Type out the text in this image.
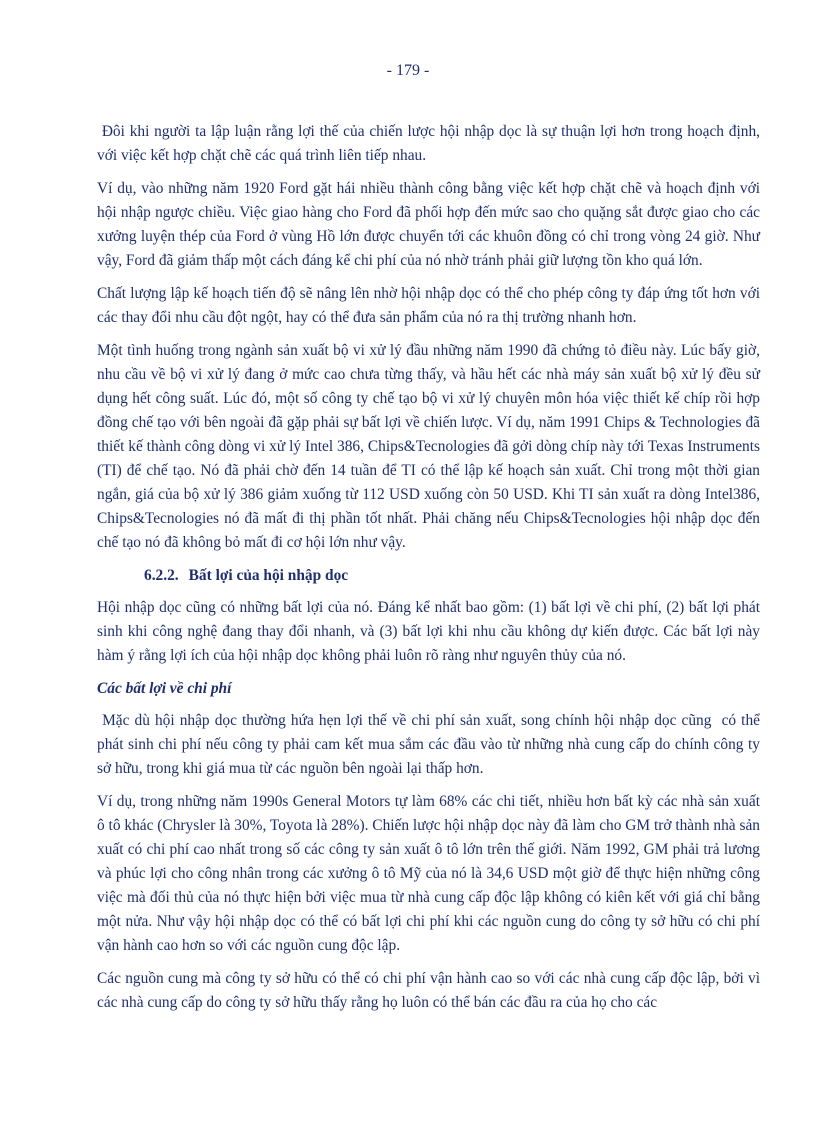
- 179 -

Đôi khi người ta lập luận rằng lợi thế của chiến lược hội nhập dọc là sự thuận lợi hơn trong hoạch định, với việc kết hợp chặt chẽ các quá trình liên tiếp nhau.

Ví dụ, vào những năm 1920 Ford gặt hái nhiều thành công bằng việc kết hợp chặt chẽ và hoạch định với hội nhập ngược chiều. Việc giao hàng cho Ford đã phối hợp đến mức sao cho quặng sắt được giao cho các xưởng luyện thép của Ford ở vùng Hồ lớn được chuyển tới các khuôn đồng có chỉ trong vòng 24 giờ. Như vậy, Ford đã giảm thấp một cách đáng kể chi phí của nó nhờ tránh phải giữ lượng tồn kho quá lớn.

Chất lượng lập kế hoạch tiến độ sẽ nâng lên nhờ hội nhập dọc có thể cho phép công ty đáp ứng tốt hơn với các thay đổi nhu cầu đột ngột, hay có thể đưa sản phẩm của nó ra thị trường nhanh hơn.

Một tình huống trong ngành sản xuất bộ vi xử lý đầu những năm 1990 đã chứng tỏ điều này. Lúc bấy giờ, nhu cầu về bộ vi xử lý đang ở mức cao chưa từng thấy, và hầu hết các nhà máy sản xuất bộ xử lý đều sử dụng hết công suất. Lúc đó, một số công ty chế tạo bộ vi xử lý chuyên môn hóa việc thiết kế chíp rồi hợp đồng chế tạo với bên ngoài đã gặp phải sự bất lợi về chiến lược. Ví dụ, năm 1991 Chips & Technologies đã thiết kế thành công dòng vi xử lý Intel 386, Chips&Tecnologies đã gởi dòng chíp này tới Texas Instruments (TI) để chế tạo. Nó đã phải chờ đến 14 tuần để TI có thể lập kế hoạch sản xuất. Chỉ trong một thời gian ngắn, giá của bộ xử lý 386 giảm xuống từ 112 USD xuống còn 50 USD. Khi TI sản xuất ra dòng Intel386, Chips&Tecnologies nó đã mất đi thị phần tốt nhất. Phải chăng nếu Chips&Tecnologies hội nhập dọc đến chế tạo nó đã không bỏ mất đi cơ hội lớn như vậy.

6.2.2. Bất lợi của hội nhập dọc

Hội nhập dọc cũng có những bất lợi của nó. Đáng kể nhất bao gồm: (1) bất lợi về chi phí, (2) bất lợi phát sinh khi công nghệ đang thay đổi nhanh, và (3) bất lợi khi nhu cầu không dự kiến được. Các bất lợi này hàm ý rằng lợi ích của hội nhập dọc không phải luôn rõ ràng như nguyên thủy của nó.

Các bất lợi về chi phí

Mặc dù hội nhập dọc thường hứa hẹn lợi thế về chi phí sản xuất, song chính hội nhập dọc cũng  có thể phát sinh chi phí nếu công ty phải cam kết mua sắm các đầu vào từ những nhà cung cấp do chính công ty sở hữu, trong khi giá mua từ các nguồn bên ngoài lại thấp hơn.

Ví dụ, trong những năm 1990s General Motors tự làm 68% các chi tiết, nhiều hơn bất kỳ các nhà sản xuất ô tô khác (Chrysler là 30%, Toyota là 28%). Chiến lược hội nhập dọc này đã làm cho GM trở thành nhà sản xuất có chi phí cao nhất trong số các công ty sản xuất ô tô lớn trên thế giới. Năm 1992, GM phải trả lương và phúc lợi cho công nhân trong các xưởng ô tô Mỹ của nó là 34,6 USD một giờ để thực hiện những công việc mà đối thủ của nó thực hiện bởi việc mua từ nhà cung cấp độc lập không có kiên kết với giá chỉ bằng một nửa. Như vậy hội nhập dọc có thể có bất lợi chi phí khi các nguồn cung do công ty sở hữu có chi phí vận hành cao hơn so với các nguồn cung độc lập.

Các nguồn cung mà công ty sở hữu có thể có chi phí vận hành cao so với các nhà cung cấp độc lập, bởi vì các nhà cung cấp do công ty sở hữu thấy rằng họ luôn có thể bán các đầu ra của họ cho các
